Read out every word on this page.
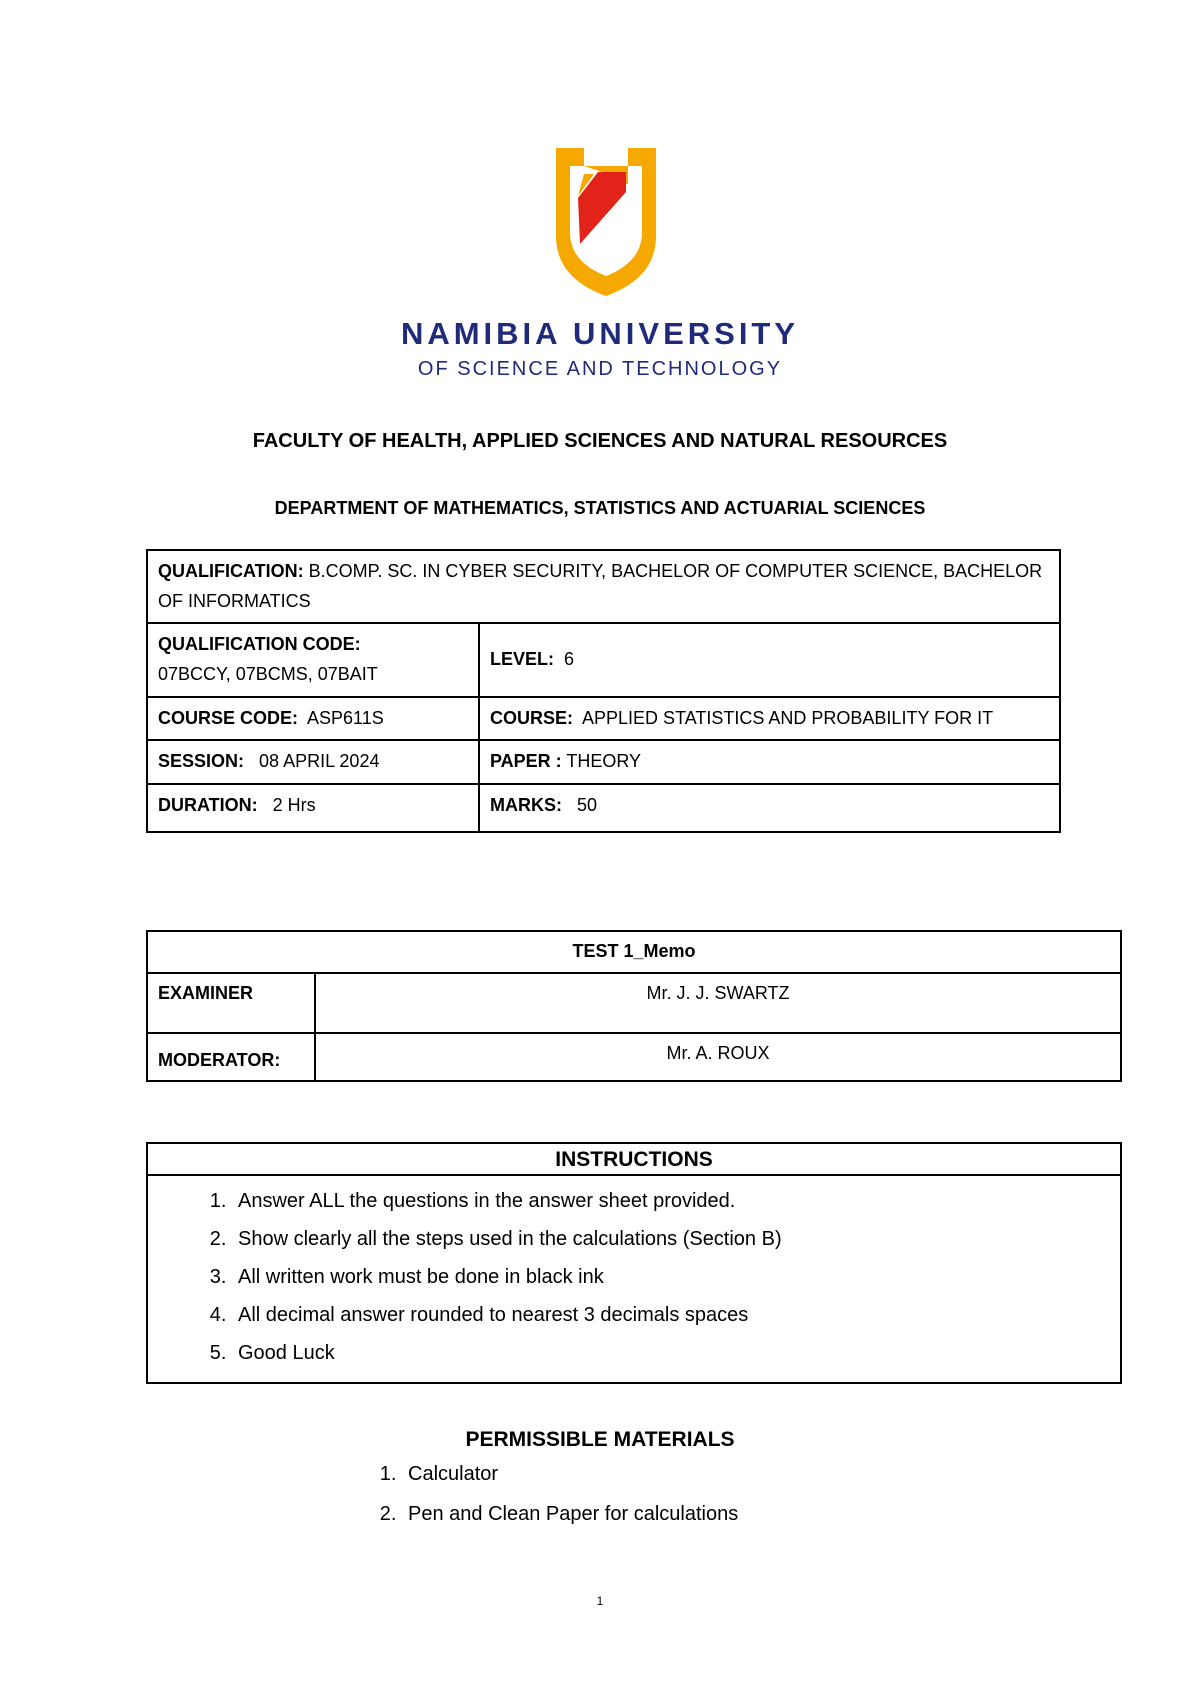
NAMIBIA UNIVERSITY
OF SCIENCE AND TECHNOLOGY
FACULTY OF HEALTH, APPLIED SCIENCES AND NATURAL RESOURCES
DEPARTMENT OF MATHEMATICS, STATISTICS AND ACTUARIAL SCIENCES
QUALIFICATION: B.COMP. SC. IN CYBER SECURITY, BACHELOR OF COMPUTER SCIENCE, BACHELOR OF INFORMATICS	
QUALIFICATION CODE:
07BCCY, 07BCMS, 07BAIT	LEVEL:  6
COURSE CODE:  ASP611S	COURSE:  APPLIED STATISTICS AND PROBABILITY FOR IT
SESSION:   08 APRIL 2024	PAPER : THEORY
DURATION:   2 Hrs	MARKS:   50
TEST 1_Memo	
EXAMINER	Mr. J. J. SWARTZ
MODERATOR:	Mr. A. ROUX
INSTRUCTIONS
1. Answer ALL the questions in the answer sheet provided.
2. Show clearly all the steps used in the calculations (Section B)
3. All written work must be done in black ink
4. All decimal answer rounded to nearest 3 decimals spaces
5. Good Luck
PERMISSIBLE MATERIALS
1. Calculator
2. Pen and Clean Paper for calculations
1
